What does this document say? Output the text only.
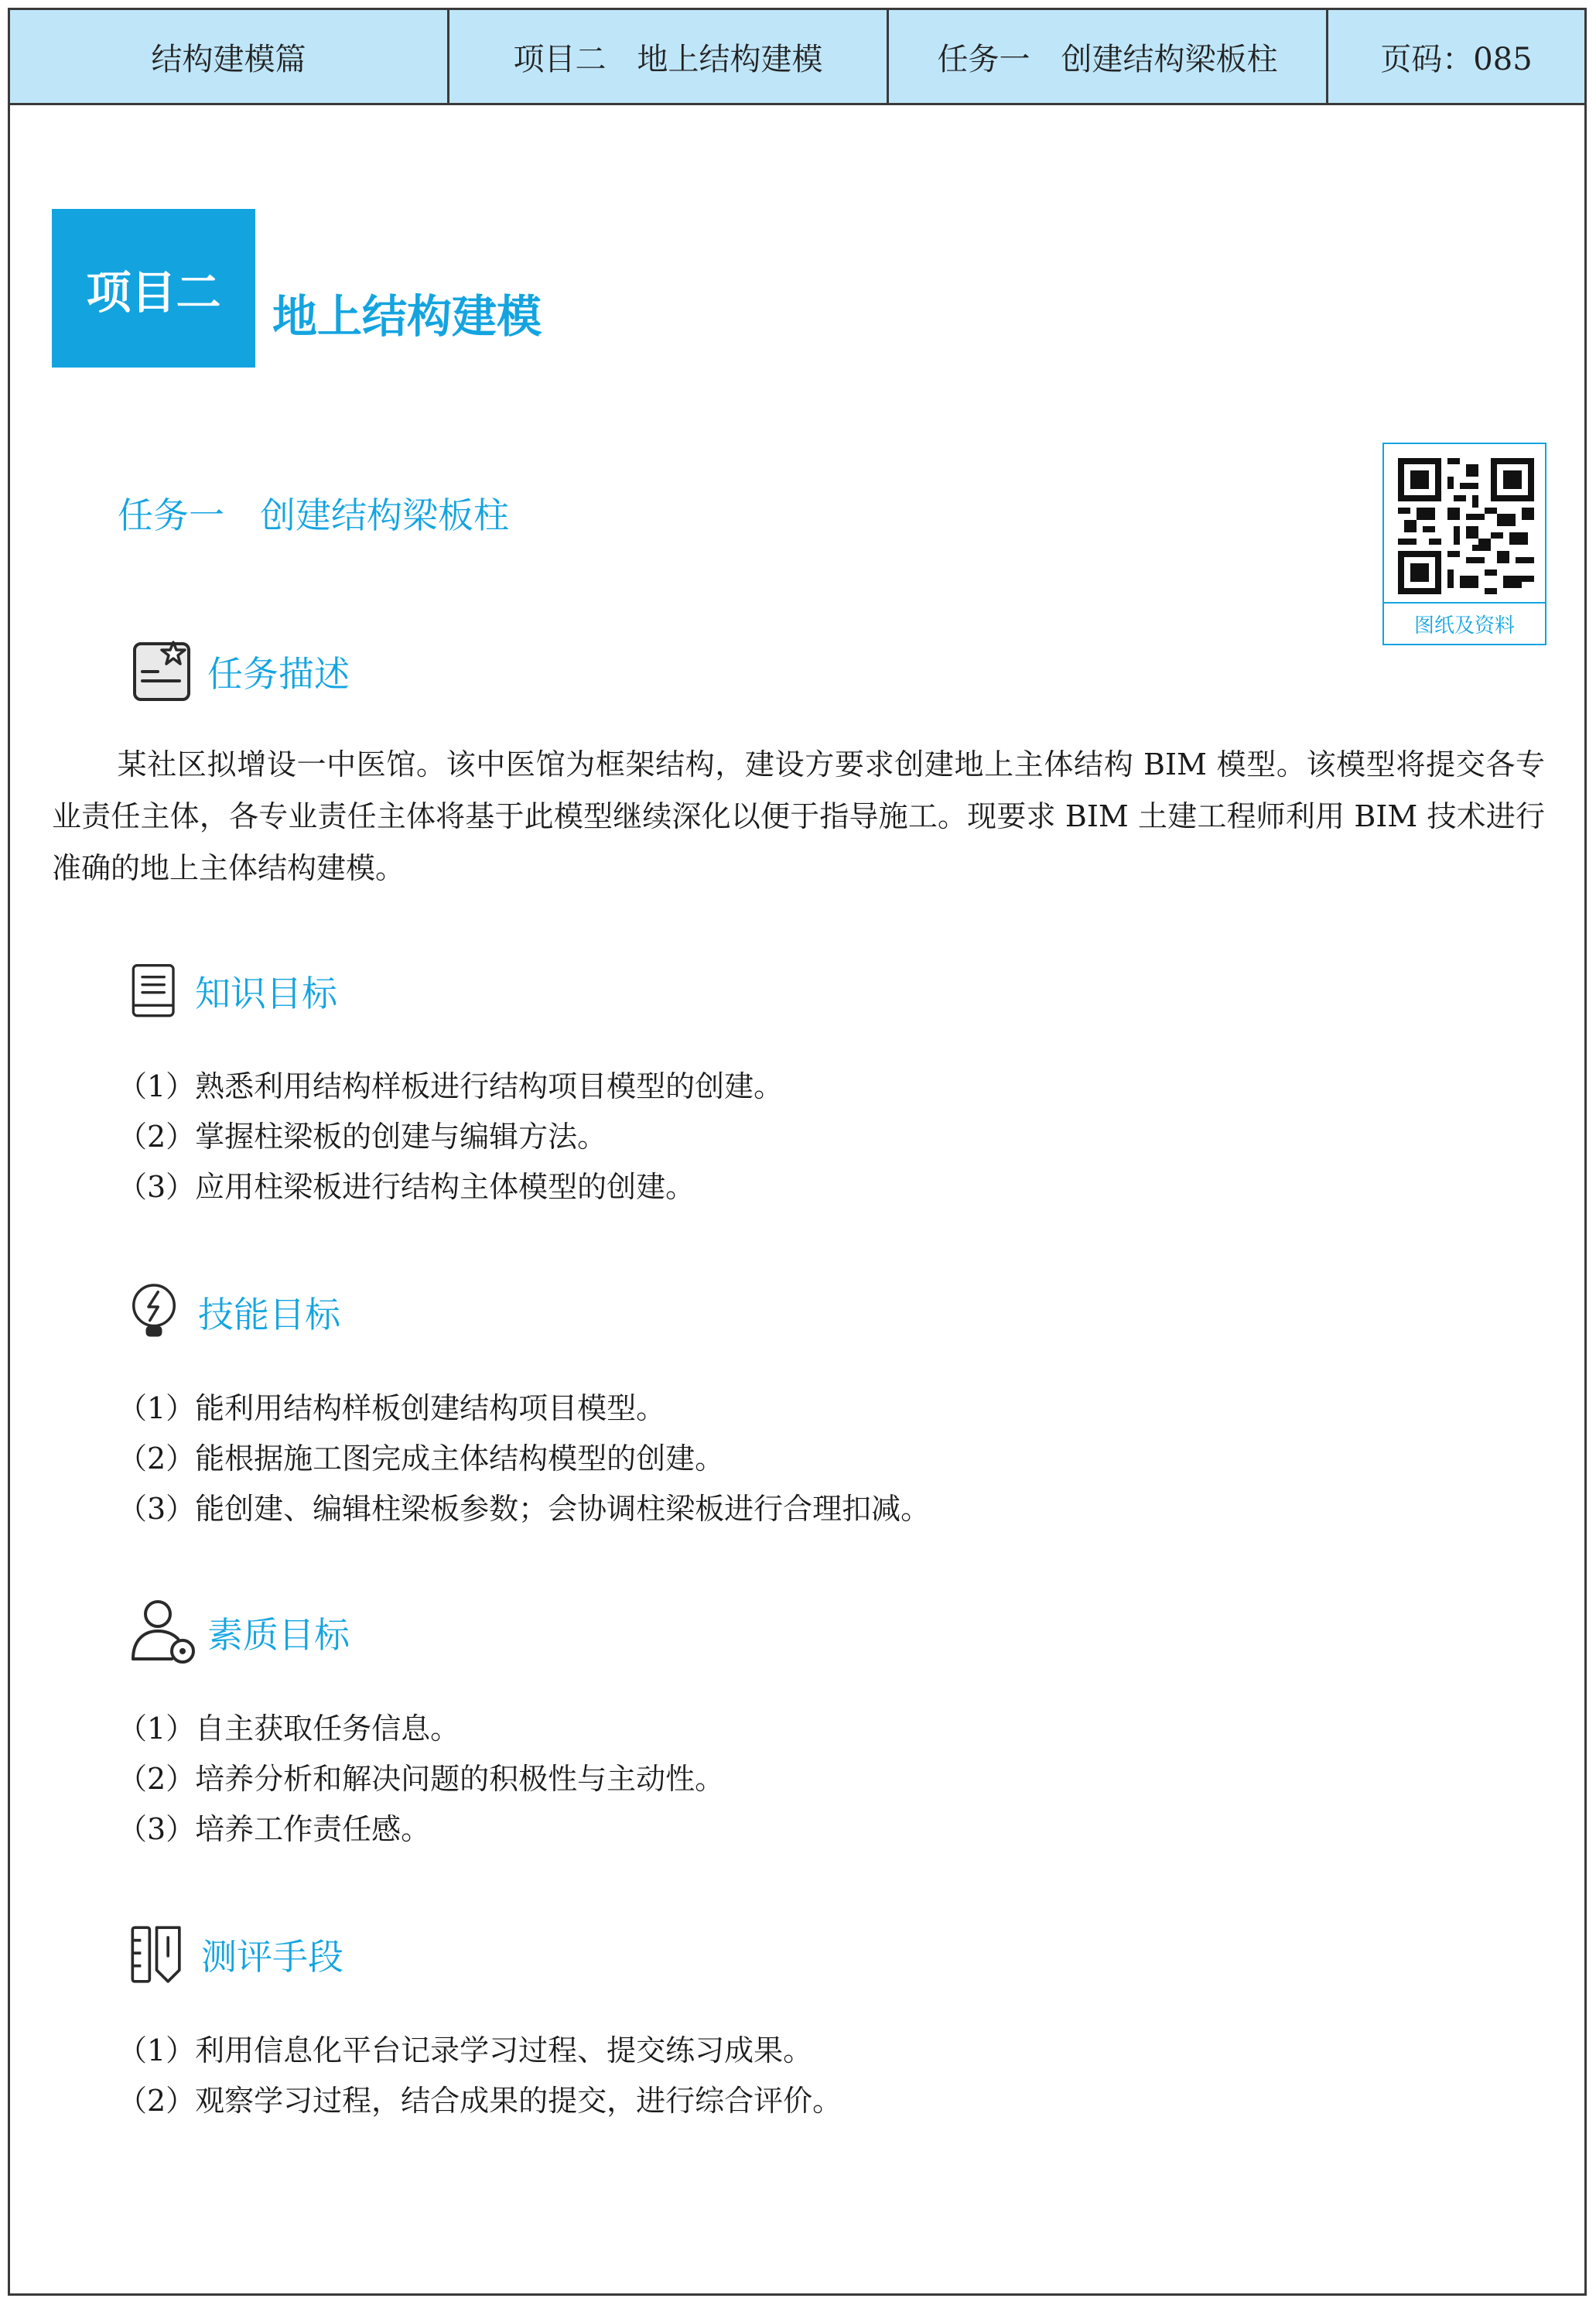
结构建模篇	项目二　地上结构建模	任务一　创建结构梁板柱	页码：085
项目二	地上结构建模
任务一　创建结构梁板柱
图纸及资料
任务描述
某社区拟增设一中医馆。该中医馆为框架结构，建设方要求创建地上主体结构 BIM 模型。该模型将提交各专业责任主体，各专业责任主体将基于此模型继续深化以便于指导施工。现要求 BIM 土建工程师利用 BIM 技术进行准确的地上主体结构建模。
知识目标
（1）熟悉利用结构样板进行结构项目模型的创建。
（2）掌握柱梁板的创建与编辑方法。
（3）应用柱梁板进行结构主体模型的创建。
技能目标
（1）能利用结构样板创建结构项目模型。
（2）能根据施工图完成主体结构模型的创建。
（3）能创建、编辑柱梁板参数；会协调柱梁板进行合理扣减。
素质目标
（1）自主获取任务信息。
（2）培养分析和解决问题的积极性与主动性。
（3）培养工作责任感。
测评手段
（1）利用信息化平台记录学习过程、提交练习成果。
（2）观察学习过程，结合成果的提交，进行综合评价。
